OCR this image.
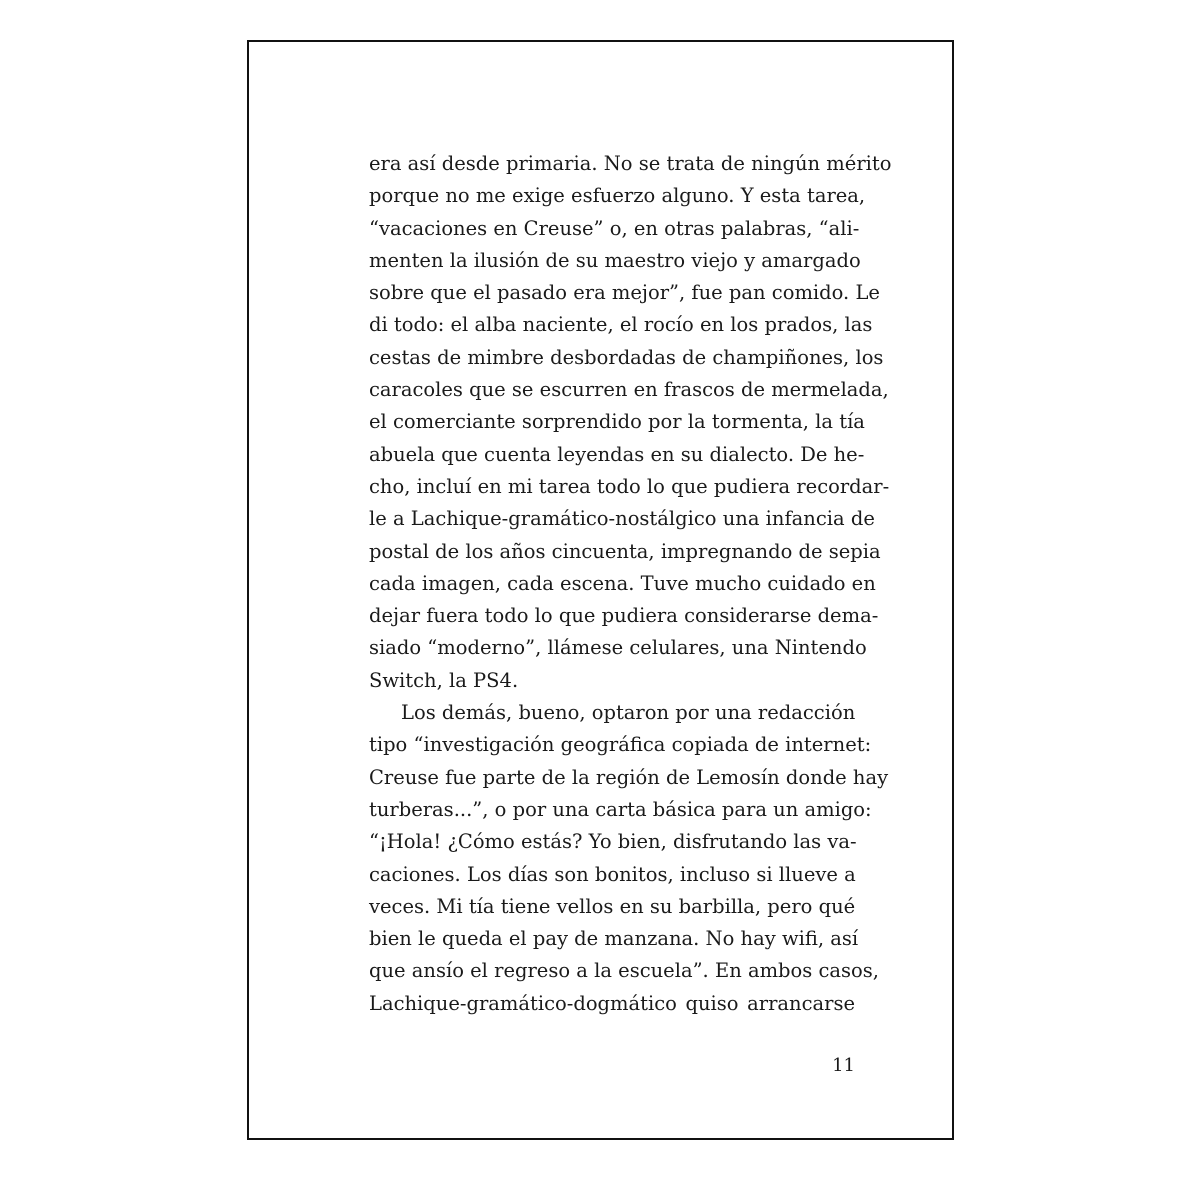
era así desde primaria. No se trata de ningún mérito
porque no me exige esfuerzo alguno. Y esta tarea,
“vacaciones en Creuse” o, en otras palabras, “ali-
menten la ilusión de su maestro viejo y amargado
sobre que el pasado era mejor”, fue pan comido. Le
di todo: el alba naciente, el rocío en los prados, las
cestas de mimbre desbordadas de champiñones, los
caracoles que se escurren en frascos de mermelada,
el comerciante sorprendido por la tormenta, la tía
abuela que cuenta leyendas en su dialecto. De he-
cho, incluí en mi tarea todo lo que pudiera recordar-
le a Lachique-gramático-nostálgico una infancia de
postal de los años cincuenta, impregnando de sepia
cada imagen, cada escena. Tuve mucho cuidado en
dejar fuera todo lo que pudiera considerarse dema-
siado “moderno”, llámese celulares, una Nintendo
Switch, la PS4.

Los demás, bueno, optaron por una redacción
tipo “investigación geográfica copiada de internet:
Creuse fue parte de la región de Lemosín donde hay
turberas...”, o por una carta básica para un amigo:
“¡Hola! ¿Cómo estás? Yo bien, disfrutando las va-
caciones. Los días son bonitos, incluso si llueve a
veces. Mi tía tiene vellos en su barbilla, pero qué
bien le queda el pay de manzana. No hay wifi, así
que ansío el regreso a la escuela”. En ambos casos,
Lachique-gramático-dogmático quiso arrancarse

11
